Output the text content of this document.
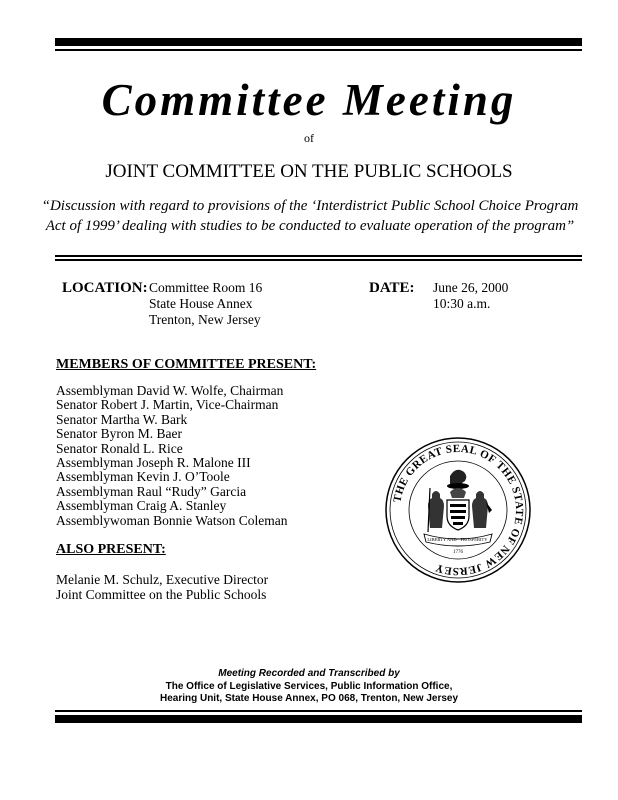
Committee Meeting
of
JOINT COMMITTEE ON THE PUBLIC SCHOOLS
“Discussion with regard to provisions of the ‘Interdistrict Public School Choice Program
Act of 1999’ dealing with studies to be conducted to evaluate operation of the program”
LOCATION: Committee Room 16
State House Annex
Trenton, New Jersey
DATE: June 26, 2000
10:30 a.m.
MEMBERS OF COMMITTEE PRESENT:
Assemblyman David W. Wolfe, Chairman
Senator Robert J. Martin, Vice-Chairman
Senator Martha W. Bark
Senator Byron M. Baer
Senator Ronald L. Rice
Assemblyman Joseph R. Malone III
Assemblyman Kevin J. O’Toole
Assemblyman Raul “Rudy” Garcia
Assemblyman Craig A. Stanley
Assemblywoman Bonnie Watson Coleman
ALSO PRESENT:
Melanie M. Schulz, Executive Director
Joint Committee on the Public Schools
THE GREAT SEAL OF THE STATE OF NEW JERSEY
LIBERTY AND PROSPERITY
1776
Meeting Recorded and Transcribed by
The Office of Legislative Services, Public Information Office,
Hearing Unit, State House Annex, PO 068, Trenton, New Jersey
